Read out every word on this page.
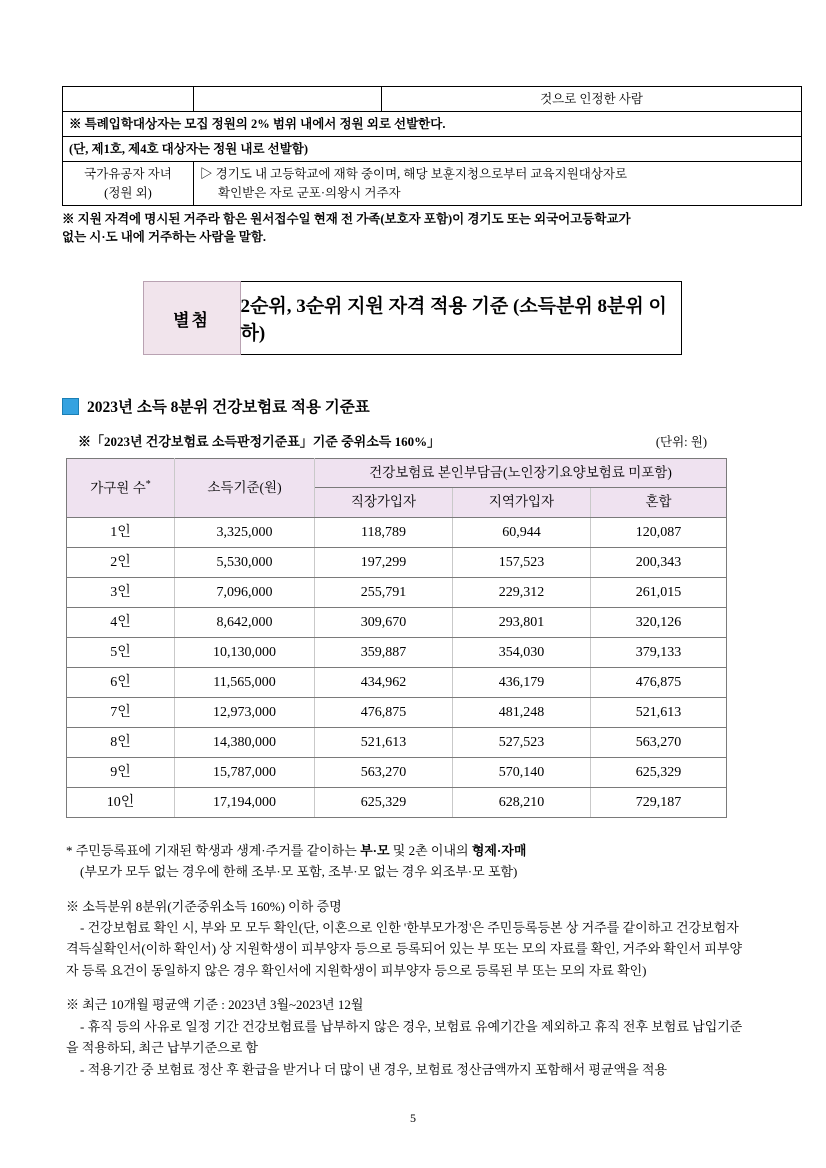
		것으로 인정한 사람
※ 특례입학대상자는 모집 정원의 2% 범위 내에서 정원 외로 선발한다.		
(단, 제1호, 제4호 대상자는 정원 내로 선발함)		
국가유공자 자녀
(정원 외)	▷ 경기도 내 고등학교에 재학 중이며, 해당 보훈지청으로부터 교육지원대상자로
확인받은 자로 군포·의왕시 거주자	
※ 지원 자격에 명시된 거주라 함은 원서접수일 현재 전 가족(보호자 포함)이 경기도 또는 외국어고등학교가
없는 시·도 내에 거주하는 사람을 말함.
별첨
2순위, 3순위 지원 자격 적용 기준 (소득분위 8분위 이하)
2023년 소득 8분위 건강보험료 적용 기준표
※「2023년 건강보험료 소득판정기준표」기준 중위소득 160%」	(단위: 원)
가구원 수*	소득기준(원)	건강보험료 본인부담금(노인장기요양보험료 미포함)		
		직장가입자	지역가입자	혼합
1인	3,325,000	118,789	60,944	120,087
2인	5,530,000	197,299	157,523	200,343
3인	7,096,000	255,791	229,312	261,015
4인	8,642,000	309,670	293,801	320,126
5인	10,130,000	359,887	354,030	379,133
6인	11,565,000	434,962	436,179	476,875
7인	12,973,000	476,875	481,248	521,613
8인	14,380,000	521,613	527,523	563,270
9인	15,787,000	563,270	570,140	625,329
10인	17,194,000	625,329	628,210	729,187

* 주민등록표에 기재된 학생과 생계·주거를 같이하는 부·모 및 2촌 이내의 형제·자매

(부모가 모두 없는 경우에 한해 조부·모 포함, 조부·모 없는 경우 외조부·모 포함)

※ 소득분위 8분위(기준중위소득 160%) 이하 증명

- 건강보험료 확인 시, 부와 모 모두 확인(단, 이혼으로 인한 '한부모가정'은 주민등록등본 상 거주를 같이하고 건강보험자

격득실확인서(이하 확인서) 상 지원학생이 피부양자 등으로 등록되어 있는 부 또는 모의 자료를 확인, 거주와 확인서 피부양

자 등록 요건이 동일하지 않은 경우 확인서에 지원학생이 피부양자 등으로 등록된 부 또는 모의 자료 확인)

※ 최근 10개월 평균액 기준 : 2023년 3월~2023년 12월

- 휴직 등의 사유로 일정 기간 건강보험료를 납부하지 않은 경우, 보험료 유예기간을 제외하고 휴직 전후 보험료 납입기준

을 적용하되, 최근 납부기준으로 함

- 적용기간 중 보험료 정산 후 환급을 받거나 더 많이 낸 경우, 보험료 정산금액까지 포함해서 평균액을 적용

5
